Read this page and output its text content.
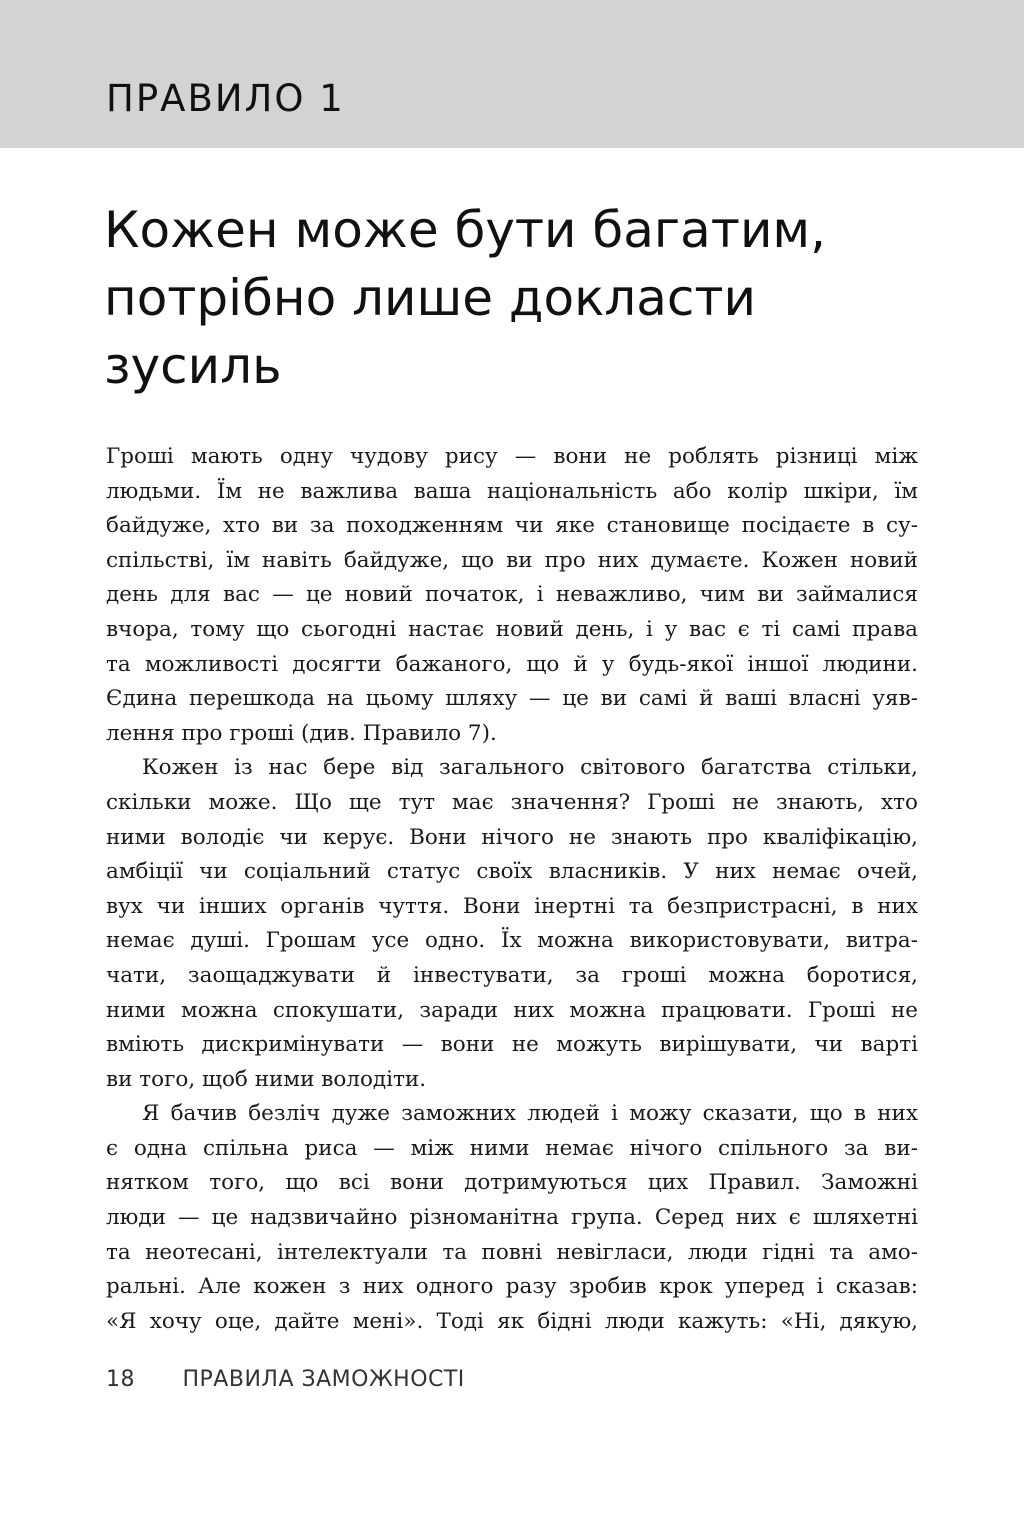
ПРАВИЛО 1
Кожен може бути багатим,
потрібно лише докласти
зусиль
Гроші мають одну чудову рису — вони не роблять різниці між
людьми. Їм не важлива ваша національність або колір шкіри, їм
байдуже, хто ви за походженням чи яке становище посідаєте в су-
спільстві, їм навіть байдуже, що ви про них думаєте. Кожен новий
день для вас — це новий початок, і неважливо, чим ви займалися
вчора, тому що сьогодні настає новий день, і у вас є ті самі права
та можливості досягти бажаного, що й у будь-якої іншої людини.
Єдина перешкода на цьому шляху — це ви самі й ваші власні уяв-
лення про гроші (див. Правило 7).
Кожен із нас бере від загального світового багатства стільки,
скільки може. Що ще тут має значення? Гроші не знають, хто
ними володіє чи керує. Вони нічого не знають про кваліфікацію,
амбіції чи соціальний статус своїх власників. У них немає очей,
вух чи інших органів чуття. Вони інертні та безпристрасні, в них
немає душі. Грошам усе одно. Їх можна використовувати, витра-
чати, заощаджувати й інвестувати, за гроші можна боротися,
ними можна спокушати, заради них можна працювати. Гроші не
вміють дискримінувати — вони не можуть вирішувати, чи варті
ви того, щоб ними володіти.
Я бачив безліч дуже заможних людей і можу сказати, що в них
є одна спільна риса — між ними немає нічого спільного за ви-
нятком того, що всі вони дотримуються цих Правил. Заможні
люди — це надзвичайно різноманітна група. Серед них є шляхетні
та неотесані, інтелектуали та повні невігласи, люди гідні та амо-
ральні. Але кожен з них одного разу зробив крок уперед і сказав:
«Я хочу оце, дайте мені». Тоді як бідні люди кажуть: «Ні, дякую,
18 ПРАВИЛА ЗАМОЖНОСТІ
